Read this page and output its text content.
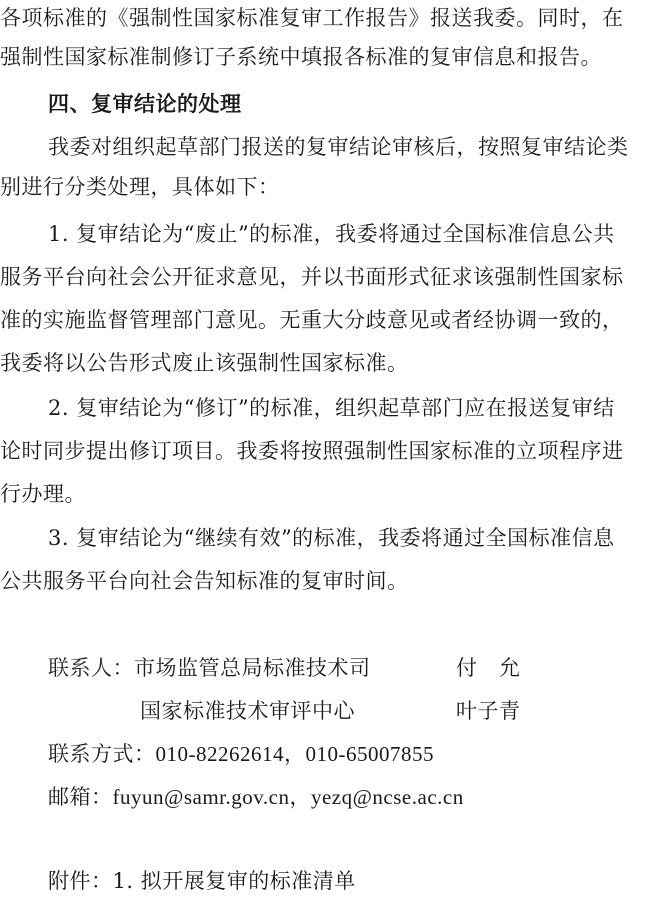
各项标准的《强制性国家标准复审工作报告》报送我委。同时，在
强制性国家标准制修订子系统中填报各标准的复审信息和报告。
四、复审结论的处理
我委对组织起草部门报送的复审结论审核后，按照复审结论类
别进行分类处理，具体如下：
1. 复审结论为“废止”的标准，我委将通过全国标准信息公共
服务平台向社会公开征求意见，并以书面形式征求该强制性国家标
准的实施监督管理部门意见。无重大分歧意见或者经协调一致的，
我委将以公告形式废止该强制性国家标准。
2. 复审结论为“修订”的标准，组织起草部门应在报送复审结
论时同步提出修订项目。我委将按照强制性国家标准的立项程序进
行办理。
3. 复审结论为“继续有效”的标准，我委将通过全国标准信息
公共服务平台向社会告知标准的复审时间。
联系人：市场监管总局标准技术司	付　允
国家标准技术审评中心	叶子青
联系方式：010-82262614，010-65007855
邮箱：fuyun@samr.gov.cn，yezq@ncse.ac.cn
附件：1. 拟开展复审的标准清单
